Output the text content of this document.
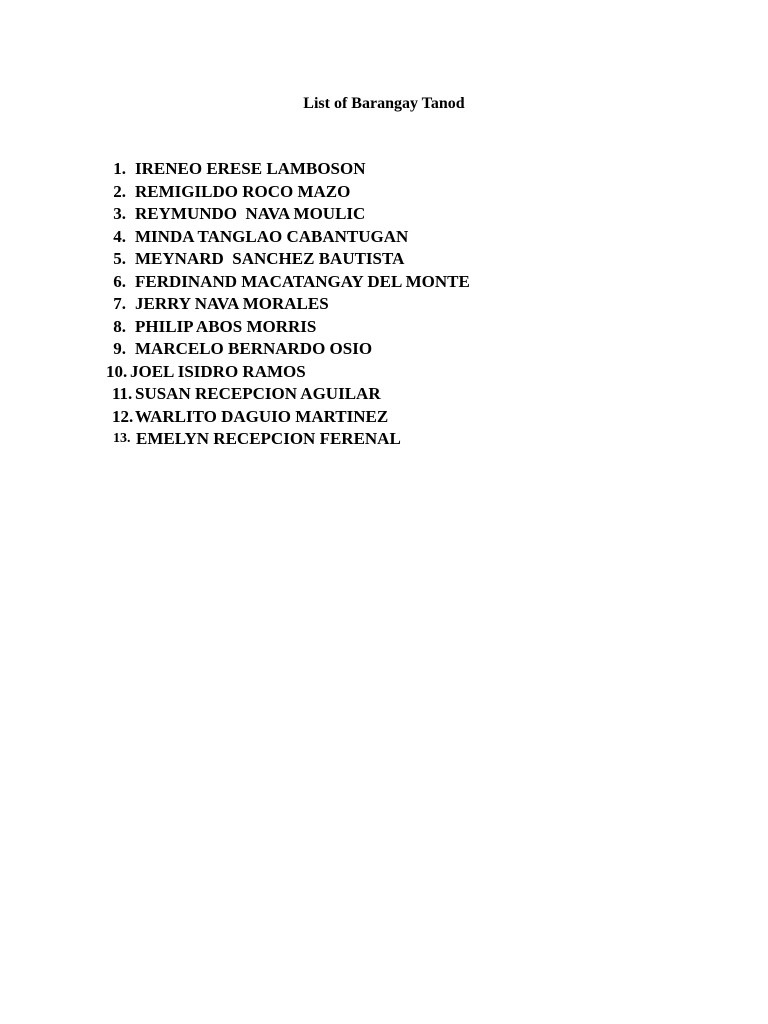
List of Barangay Tanod

1.

IRENEO ERESE LAMBOSON

2.

REMIGILDO ROCO MAZO

3.

REYMUNDO  NAVA MOULIC

4.

MINDA TANGLAO CABANTUGAN

5.

MEYNARD  SANCHEZ BAUTISTA

6.

FERDINAND MACATANGAY DEL MONTE

7.

JERRY NAVA MORALES

8.

PHILIP ABOS MORRIS

9.

MARCELO BERNARDO OSIO

10.

JOEL ISIDRO RAMOS

11.

SUSAN RECEPCION AGUILAR

12.

WARLITO DAGUIO MARTINEZ

13.

EMELYN RECEPCION FERENAL
